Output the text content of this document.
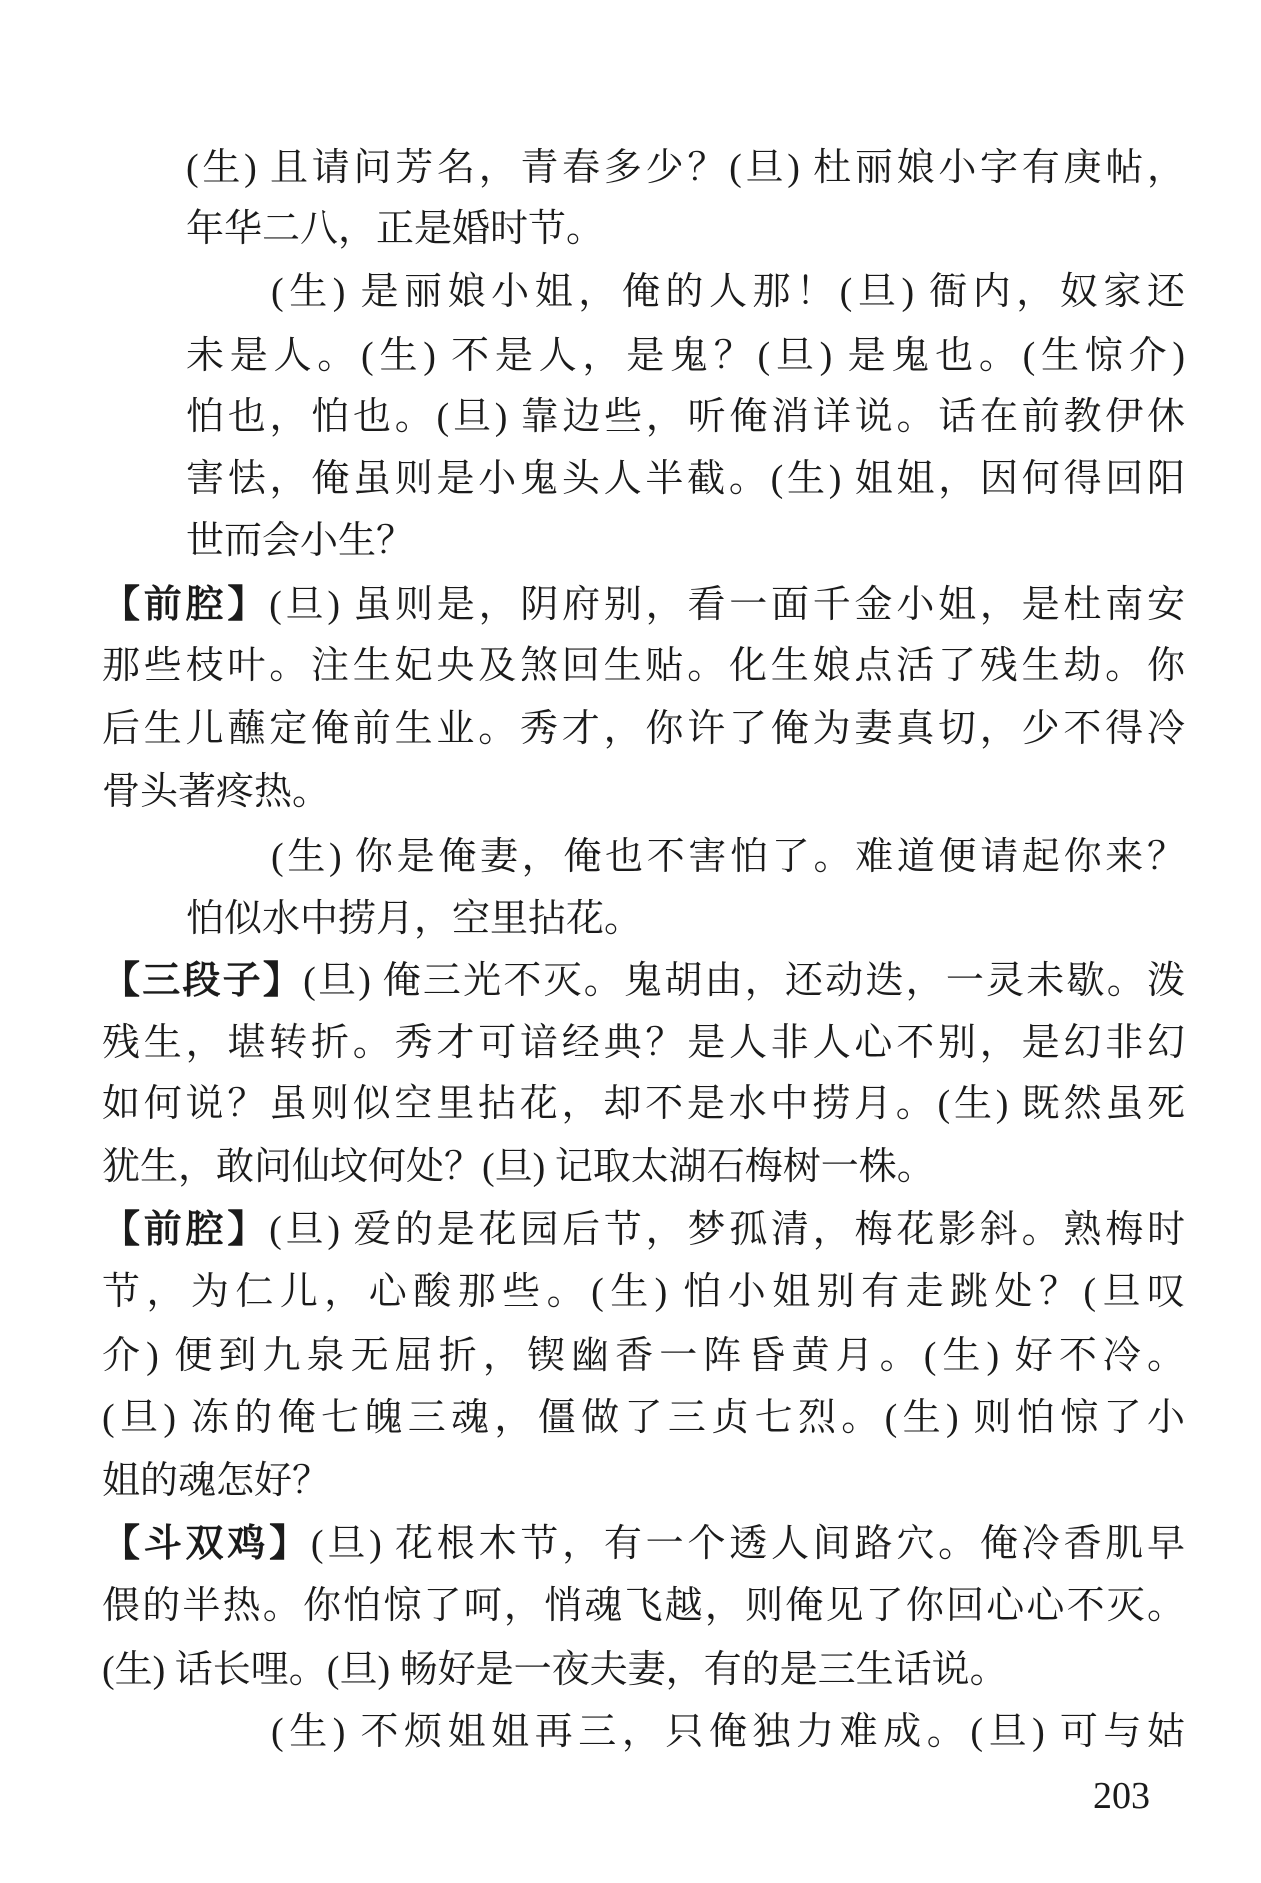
(生) 且请问芳名，青春多少？(旦) 杜丽娘小字有庚帖，
年华二八，正是婚时节。
(生) 是丽娘小姐，俺的人那！(旦) 衙内，奴家还
未是人。(生) 不是人，是鬼？(旦) 是鬼也。(生惊介)
怕也，怕也。(旦) 靠边些，听俺消详说。话在前教伊休
害怯，俺虽则是小鬼头人半截。(生) 姐姐，因何得回阳
世而会小生？
【前腔】(旦) 虽则是，阴府别，看一面千金小姐，是杜南安
那些枝叶。注生妃央及煞回生贴。化生娘点活了残生劫。你
后生儿蘸定俺前生业。秀才，你许了俺为妻真切，少不得冷
骨头著疼热。
(生) 你是俺妻，俺也不害怕了。难道便请起你来？
怕似水中捞月，空里拈花。
【三段子】(旦) 俺三光不灭。鬼胡由，还动迭，一灵未歇。泼
残生，堪转折。秀才可谙经典？是人非人心不别，是幻非幻
如何说？虽则似空里拈花，却不是水中捞月。(生) 既然虽死
犹生，敢问仙坟何处？(旦) 记取太湖石梅树一株。
【前腔】(旦) 爱的是花园后节，梦孤清，梅花影斜。熟梅时
节，为仁儿，心酸那些。(生) 怕小姐别有走跳处？(旦叹
介) 便到九泉无屈折，锲幽香一阵昏黄月。(生) 好不冷。
(旦) 冻的俺七魄三魂，僵做了三贞七烈。(生) 则怕惊了小
姐的魂怎好？
【斗双鸡】(旦) 花根木节，有一个透人间路穴。俺冷香肌早
偎的半热。你怕惊了呵，悄魂飞越，则俺见了你回心心不灭。
(生) 话长哩。(旦) 畅好是一夜夫妻，有的是三生话说。
(生) 不烦姐姐再三，只俺独力难成。(旦) 可与姑
203
